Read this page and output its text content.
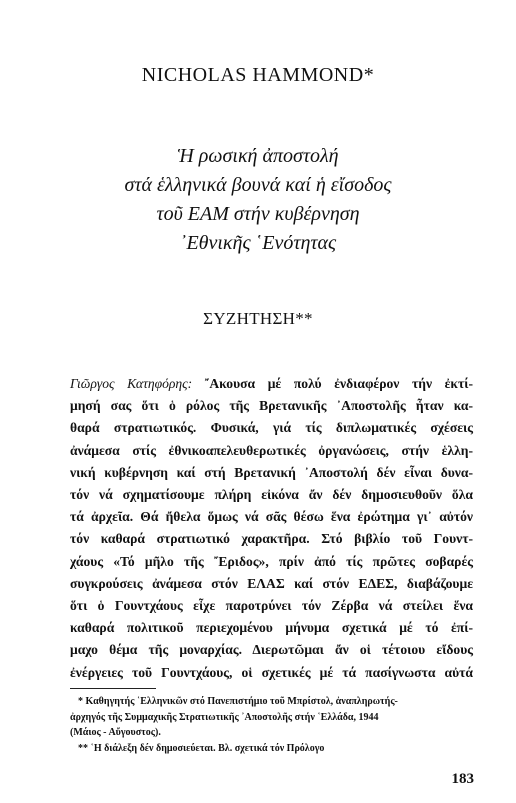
NICHOLAS HAMMOND*
Ἡ ρωσική ἀποστολή
στά ἑλληνικά βουνά καί ἡ εἴσοδος
τοῦ ΕΑΜ στήν κυβέρνηση
᾿Εθνικῆς ῾Ενότητας
ΣΥΖΗΤΗΣΗ**
Γιῶργος Κατηφόρης: ῎Ακουσα μέ πολύ ἐνδιαφέρον τήν ἐκτί-
μησή σας ὅτι ὁ ρόλος τῆς Βρετανικῆς ᾿Αποστολῆς ἦταν κα-
θαρά στρατιωτικός. Φυσικά, γιά τίς διπλωματικές σχέσεις
ἀνάμεσα στίς ἐθνικοαπελευθερωτικές ὀργανώσεις, στήν ἑλλη-
νική κυβέρνηση καί στή Βρετανική ᾿Αποστολή δέν εἶναι δυνα-
τόν νά σχηματίσουμε πλήρη εἰκόνα ἄν δέν δημοσιευθοῦν ὅλα
τά ἀρχεῖα. Θά ἤθελα ὅμως νά σᾶς θέσω ἕνα ἐρώτημα γι᾿ αὐτόν
τόν καθαρά στρατιωτικό χαρακτῆρα. Στό βιβλίο τοῦ Γουντ-
χάους «Τό μῆλο τῆς ῎Εριδος», πρίν ἀπό τίς πρῶτες σοβαρές
συγκρούσεις ἀνάμεσα στόν ΕΛΑΣ καί στόν ΕΔΕΣ, διαβάζουμε
ὅτι ὁ Γουντχάους εἶχε παροτρύνει τόν Ζέρβα νά στείλει ἕνα
καθαρά πολιτικοῦ περιεχομένου μήνυμα σχετικά μέ τό ἐπί-
μαχο θέμα τῆς μοναρχίας. Διερωτῶμαι ἄν οἱ τέτοιου εἴδους
ἐνέργειες τοῦ Γουντχάους, οἱ σχετικές μέ τά πασίγνωστα αὐτά
* Καθηγητής ῾Ελληνικῶν στό Πανεπιστήμιο τοῦ Μπρίστολ, ἀναπληρωτής-
ἀρχηγός τῆς Συμμαχικῆς Στρατιωτικῆς ᾿Αποστολῆς στήν ῾Ελλάδα, 1944
(Μάιος - Αὔγουστος).
** ῾Η διάλεξη δέν δημοσιεύεται. Βλ. σχετικά τόν Πρόλογο
183
